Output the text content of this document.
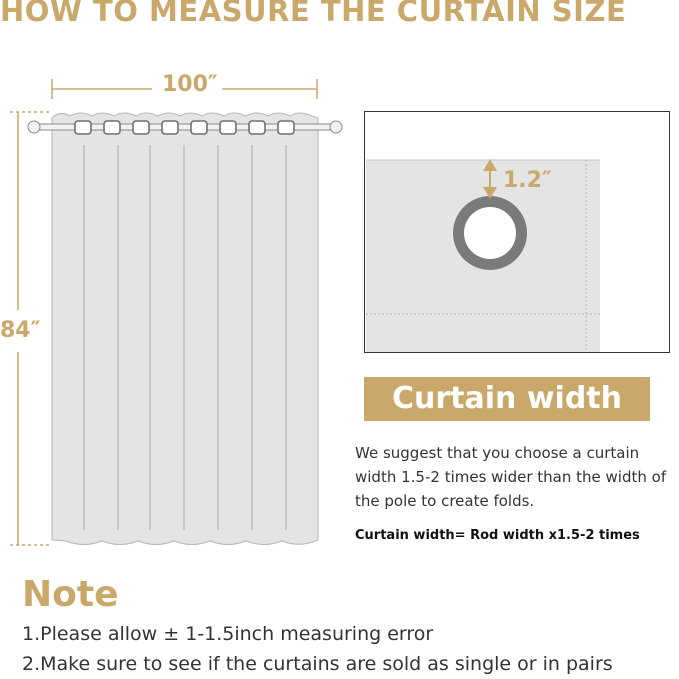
HOW TO MEASURE THE CURTAIN SIZE
100″
84″
1.2″
Curtain width
We suggest that you choose a curtain width 1.5-2 times wider than the width of the pole to create folds.
Curtain width= Rod width x1.5-2 times
Note
1.Please allow ± 1-1.5inch measuring error
2.Make sure to see if the curtains are sold as single or in pairs
